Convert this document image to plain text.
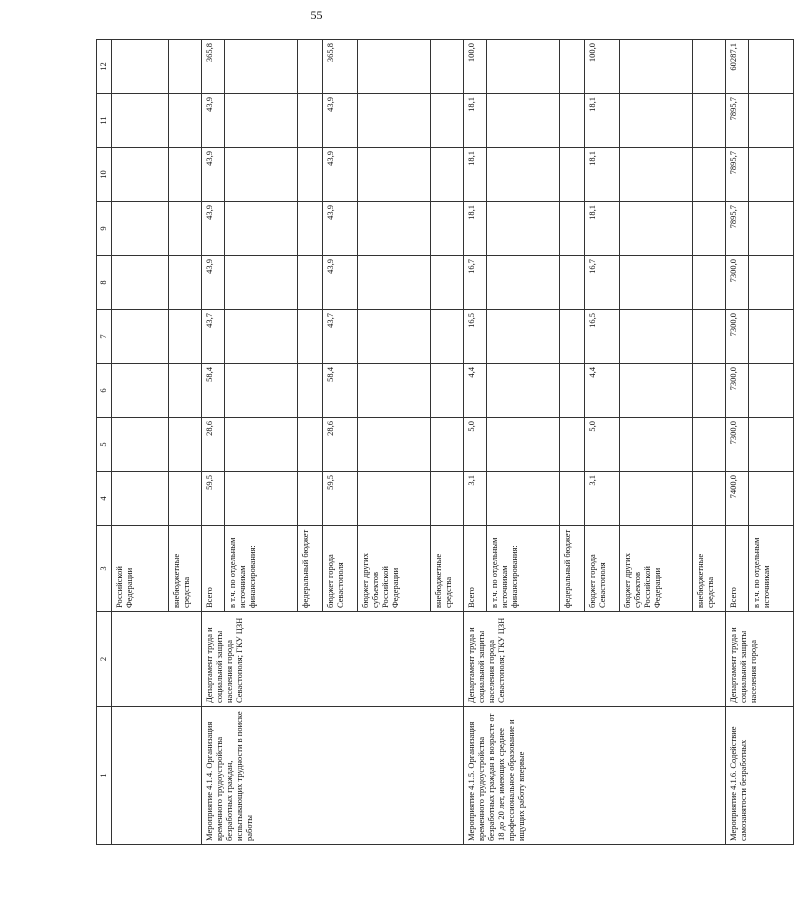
55
1	2	3	4	5	6	7	8	9	10	11	12
		Российской Федерации									
		внебюджетные средства									
Мероприятие 4.1.4. Организация временного трудоустройства безработных граждан, испытывающих трудности в поиске работы	Департамент труда и социальной защиты населения города Севастополя; ГКУ ЦЗН	Всего	59,5	28,6	58,4	43,7	43,9	43,9	43,9	43,9	365,8
		в т.ч. по отдельным источникам финансирования:									
		федеральный бюджет									
		бюджет города Севастополя	59,5	28,6	58,4	43,7	43,9	43,9	43,9	43,9	365,8
		бюджет других субъектов Российской Федерации									
		внебюджетные средства									
Мероприятие 4.1.5. Организация временного трудоустройства безработных граждан в возрасте от 18 до 20 лет, имеющих среднее профессиональное образование и ищущих работу впервые	Департамент труда и социальной защиты населения города Севастополя; ГКУ ЦЗН	Всего	3,1	5,0	4,4	16,5	16,7	18,1	18,1	18,1	100,0
		в т.ч. по отдельным источникам финансирования:									
		федеральный бюджет									
		бюджет города Севастополя	3,1	5,0	4,4	16,5	16,7	18,1	18,1	18,1	100,0
		бюджет других субъектов Российской Федерации									
		внебюджетные средства									
Мероприятие 4.1.6. Содействие самозанятости безработных	Департамент труда и социальной защиты населения города	Всего	7400,0	7300,0	7300,0	7300,0	7300,0	7895,7	7895,7	7895,7	60287,1
		в т.ч. по отдельным источникам									
